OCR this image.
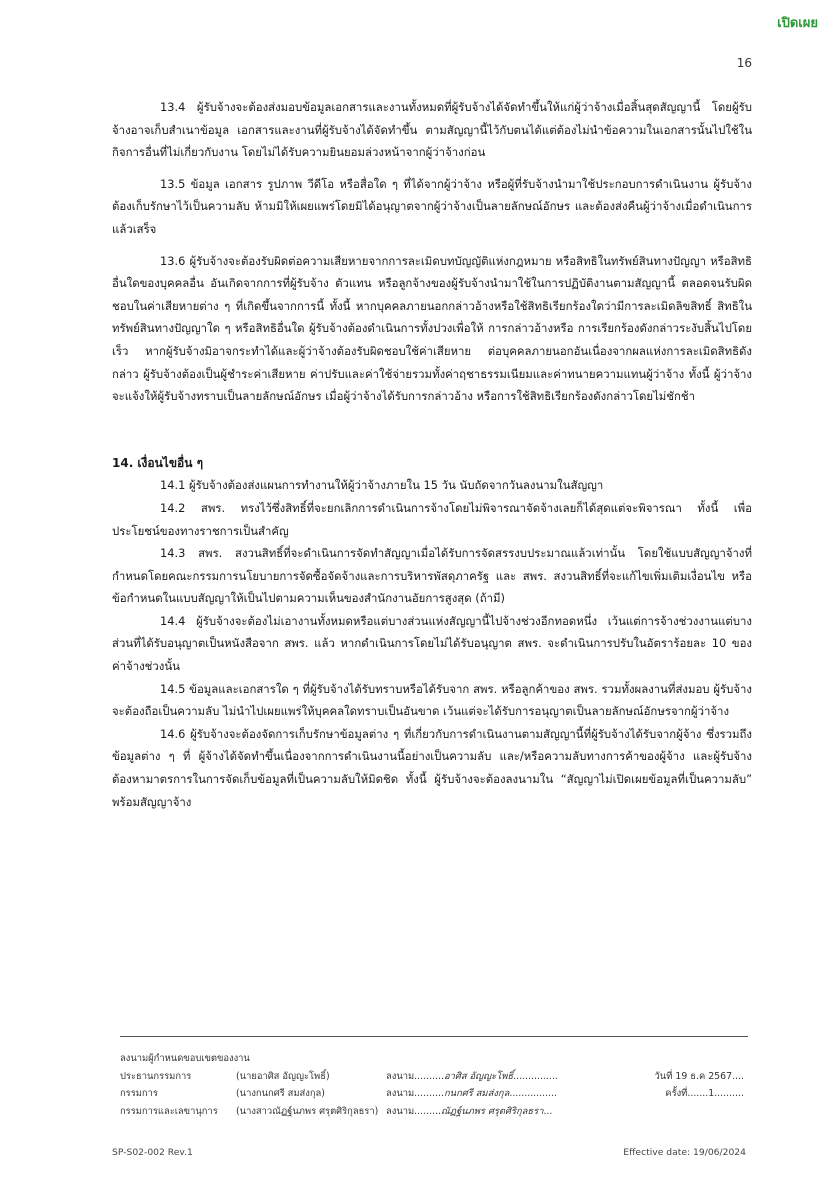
เปิดเผย
16

13.4 ผู้รับจ้างจะต้องส่งมอบข้อมูลเอกสารและงานทั้งหมดที่ผู้รับจ้างได้จัดทำขึ้นให้แก่ผู้ว่าจ้างเมื่อสิ้นสุดสัญญานี้ โดยผู้รับจ้างอาจเก็บสำเนาข้อมูล เอกสารและงานที่ผู้รับจ้างได้จัดทำขึ้น ตามสัญญานี้ไว้กับตนได้แต่ต้องไม่นำข้อความในเอกสารนั้นไปใช้ในกิจการอื่นที่ไม่เกี่ยวกับงาน โดยไม่ได้รับความยินยอมล่วงหน้าจากผู้ว่าจ้างก่อน

13.5 ข้อมูล เอกสาร รูปภาพ วีดีโอ หรือสื่อใด ๆ ที่ได้จากผู้ว่าจ้าง หรือผู้ที่รับจ้างนำมาใช้ประกอบการดำเนินงาน ผู้รับจ้างต้องเก็บรักษาไว้เป็นความลับ ห้ามมิให้เผยแพร่โดยมิได้อนุญาตจากผู้ว่าจ้างเป็นลายลักษณ์อักษร และต้องส่งคืนผู้ว่าจ้างเมื่อดำเนินการแล้วเสร็จ

13.6 ผู้รับจ้างจะต้องรับผิดต่อความเสียหายจากการละเมิดบทบัญญัติแห่งกฎหมาย หรือสิทธิในทรัพย์สินทางปัญญา หรือสิทธิอื่นใดของบุคคลอื่น อันเกิดจากการที่ผู้รับจ้าง ตัวแทน หรือลูกจ้างของผู้รับจ้างนำมาใช้ในการปฏิบัติงานตามสัญญานี้ ตลอดจนรับผิดชอบในค่าเสียหายต่าง ๆ ที่เกิดขึ้นจากการนี้ ทั้งนี้ หากบุคคลภายนอกกล่าวอ้างหรือใช้สิทธิเรียกร้องใดว่ามีการละเมิดลิขสิทธิ์ สิทธิในทรัพย์สินทางปัญญาใด ๆ หรือสิทธิอื่นใด ผู้รับจ้างต้องดำเนินการทั้งปวงเพื่อให้ การกล่าวอ้างหรือ การเรียกร้องดังกล่าวระงับสิ้นไปโดยเร็ว หากผู้รับจ้างมิอาจกระทำได้และผู้ว่าจ้างต้องรับผิดชอบใช้ค่าเสียหาย ต่อบุคคลภายนอกอันเนื่องจากผลแห่งการละเมิดสิทธิดังกล่าว ผู้รับจ้างต้องเป็นผู้ชำระค่าเสียหาย ค่าปรับและค่าใช้จ่ายรวมทั้งค่าฤชาธรรมเนียมและค่าทนายความแทนผู้ว่าจ้าง ทั้งนี้ ผู้ว่าจ้างจะแจ้งให้ผู้รับจ้างทราบเป็นลายลักษณ์อักษร เมื่อผู้ว่าจ้างได้รับการกล่าวอ้าง หรือการใช้สิทธิเรียกร้องดังกล่าวโดยไม่ชักช้า

14. เงื่อนไขอื่น ๆ

14.1 ผู้รับจ้างต้องส่งแผนการทำงานให้ผู้ว่าจ้างภายใน 15 วัน นับถัดจากวันลงนามในสัญญา

14.2 สพร. ทรงไว้ซึ่งสิทธิ์ที่จะยกเลิกการดำเนินการจ้างโดยไม่พิจารณาจัดจ้างเลยก็ได้สุดแต่จะพิจารณา ทั้งนี้ เพื่อประโยชน์ของทางราชการเป็นสำคัญ

14.3 สพร. สงวนสิทธิ์ที่จะดำเนินการจัดทำสัญญาเมื่อได้รับการจัดสรรงบประมาณแล้วเท่านั้น โดยใช้แบบสัญญาจ้างที่กำหนดโดยคณะกรรมการนโยบายการจัดซื้อจัดจ้างและการบริหารพัสดุภาครัฐ และ สพร. สงวนสิทธิ์ที่จะแก้ไขเพิ่มเติมเงื่อนไข หรือข้อกำหนดในแบบสัญญาให้เป็นไปตามความเห็นของสำนักงานอัยการสูงสุด (ถ้ามี)

14.4 ผู้รับจ้างจะต้องไม่เอางานทั้งหมดหรือแต่บางส่วนแห่งสัญญานี้ไปจ้างช่วงอีกทอดหนึ่ง เว้นแต่การจ้างช่วงงานแต่บางส่วนที่ได้รับอนุญาตเป็นหนังสือจาก สพร. แล้ว หากดำเนินการโดยไม่ได้รับอนุญาต สพร. จะดำเนินการปรับในอัตราร้อยละ 10 ของค่าจ้างช่วงนั้น

14.5 ข้อมูลและเอกสารใด ๆ ที่ผู้รับจ้างได้รับทราบหรือได้รับจาก สพร. หรือลูกค้าของ สพร. รวมทั้งผลงานที่ส่งมอบ ผู้รับจ้างจะต้องถือเป็นความลับ ไม่นำไปเผยแพร่ให้บุคคลใดทราบเป็นอันขาด เว้นแต่จะได้รับการอนุญาตเป็นลายลักษณ์อักษรจากผู้ว่าจ้าง

14.6 ผู้รับจ้างจะต้องจัดการเก็บรักษาข้อมูลต่าง ๆ ที่เกี่ยวกับการดำเนินงานตามสัญญานี้ที่ผู้รับจ้างได้รับจากผู้จ้าง ซึ่งรวมถึงข้อมูลต่าง ๆ ที่ ผู้จ้างได้จัดทำขึ้นเนื่องจากการดำเนินงานนี้อย่างเป็นความลับ และ/หรือความลับทางการค้าของผู้จ้าง และผู้รับจ้างต้องหามาตรการในการจัดเก็บข้อมูลที่เป็นความลับให้มิดชิด ทั้งนี้ ผู้รับจ้างจะต้องลงนามใน “สัญญาไม่เปิดเผยข้อมูลที่เป็นความลับ” พร้อมสัญญาจ้าง

ลงนามผู้กำหนดขอบเขตของงาน
ประธานกรรมการ	(นายอาศิส อัญญะโพธิ์)	ลงนาม..........อาศิส อัญญะโพธิ์...............	วันที่ 19 ธ.ค 2567....
กรรมการ	(นางกนกศรี สมส่งกุล)	ลงนาม..........กนกศรี สมส่งกุล................	ครั้งที่.......1..........
กรรมการและเลขานุการ (นางสาวณัฏฐ์นภพร ศรุตศิริกุลธรา) ลงนาม.........ณัฏฐ์นภพร ศรุตศิริกุลธรา...
SP-S02-002 Rev.1	Effective date: 19/06/2024
